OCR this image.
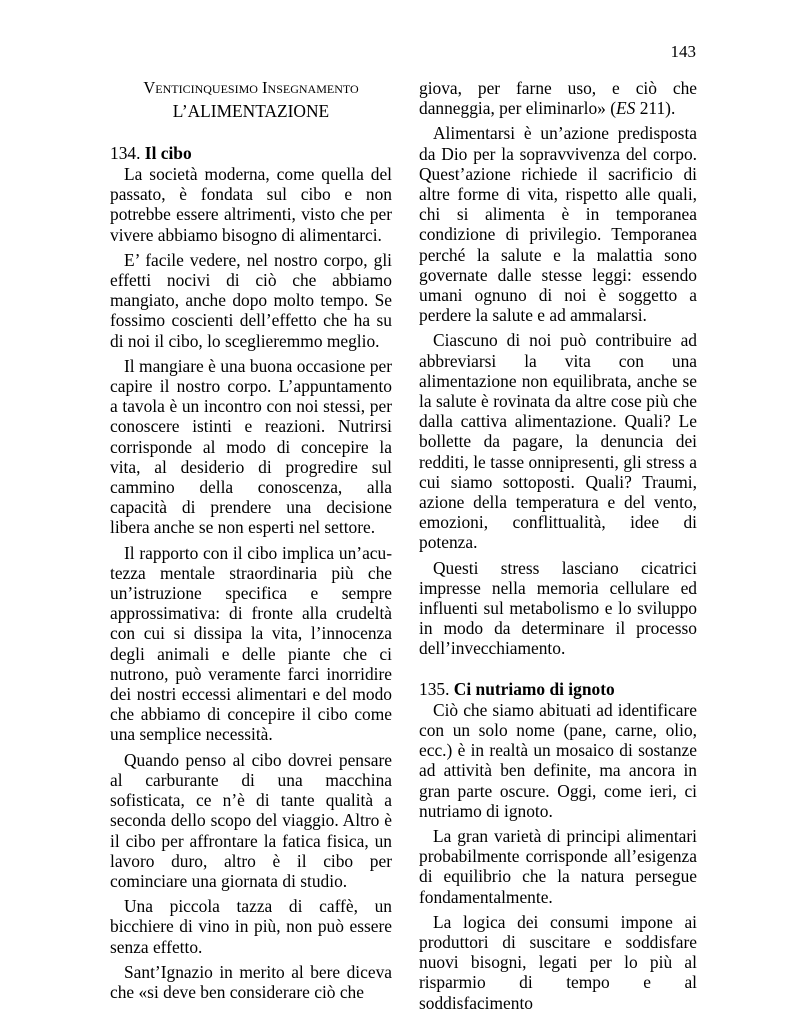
143
Venticinquesimo Insegnamento
L’ALIMENTAZIONE
134. Il cibo

La società moderna, come quella del passato, è fondata sul cibo e non potrebbe essere altrimenti, visto che per vivere abbiamo bisogno di alimentarci.

E’ facile vedere, nel nostro corpo, gli effetti nocivi di ciò che abbiamo mangiato, anche dopo molto tempo. Se fossimo coscienti dell’effetto che ha su di noi il cibo, lo sceglieremmo meglio.

Il mangiare è una buona occasione per capire il nostro corpo. L’appuntamento a tavola è un incontro con noi stessi, per conoscere istinti e reazioni. Nutrirsi corrisponde al modo di concepire la vita, al desiderio di progredire sul cammino della conoscenza, alla capacità di prendere una decisione libera anche se non esperti nel settore.

Il rapporto con il cibo implica un’acutezza mentale straordinaria più che un’istruzione specifica e sempre approssimativa: di fronte alla crudeltà con cui si dissipa la vita, l’innocenza degli animali e delle piante che ci nutrono, può veramente farci inorridire dei nostri eccessi alimentari e del modo che abbiamo di concepire il cibo come una semplice necessità.

Quando penso al cibo dovrei pensare al carburante di una macchina sofisticata, ce n’è di tante qualità a seconda dello scopo del viaggio. Altro è il cibo per affrontare la fatica fisica, un lavoro duro, altro è il cibo per cominciare una giornata di studio.

Una piccola tazza di caffè, un bicchiere di vino in più, non può essere senza effetto.

Sant’Ignazio in merito al bere diceva che «si deve ben considerare ciò che

giova, per farne uso, e ciò che danneggia, per eliminarlo» (ES 211).

Alimentarsi è un’azione predisposta da Dio per la sopravvivenza del corpo. Quest’azione richiede il sacrificio di altre forme di vita, rispetto alle quali, chi si alimenta è in temporanea condizione di privilegio. Temporanea perché la salute e la malattia sono governate dalle stesse leggi: essendo umani ognuno di noi è soggetto a perdere la salute e ad ammalarsi.

Ciascuno di noi può contribuire ad abbreviarsi la vita con una alimentazione non equilibrata, anche se la salute è rovinata da altre cose più che dalla cattiva alimentazione. Quali? Le bollette da pagare, la denuncia dei redditi, le tasse onnipresenti, gli stress a cui siamo sottoposti. Quali? Traumi, azione della temperatura e del vento, emozioni, conflittualità, idee di potenza.

Questi stress lasciano cicatrici impresse nella memoria cellulare ed influenti sul metabolismo e lo sviluppo in modo da determinare il processo dell’invecchiamento.

135. Ci nutriamo di ignoto

Ciò che siamo abituati ad identificare con un solo nome (pane, carne, olio, ecc.) è in realtà un mosaico di sostanze ad attività ben definite, ma ancora in gran parte oscure. Oggi, come ieri, ci nutriamo di ignoto.

La gran varietà di principi alimentari probabilmente corrisponde all’esigenza di equilibrio che la natura persegue fondamentalmente.

La logica dei consumi impone ai produttori di suscitare e soddisfare nuovi bisogni, legati per lo più al risparmio di tempo e al soddisfacimento
